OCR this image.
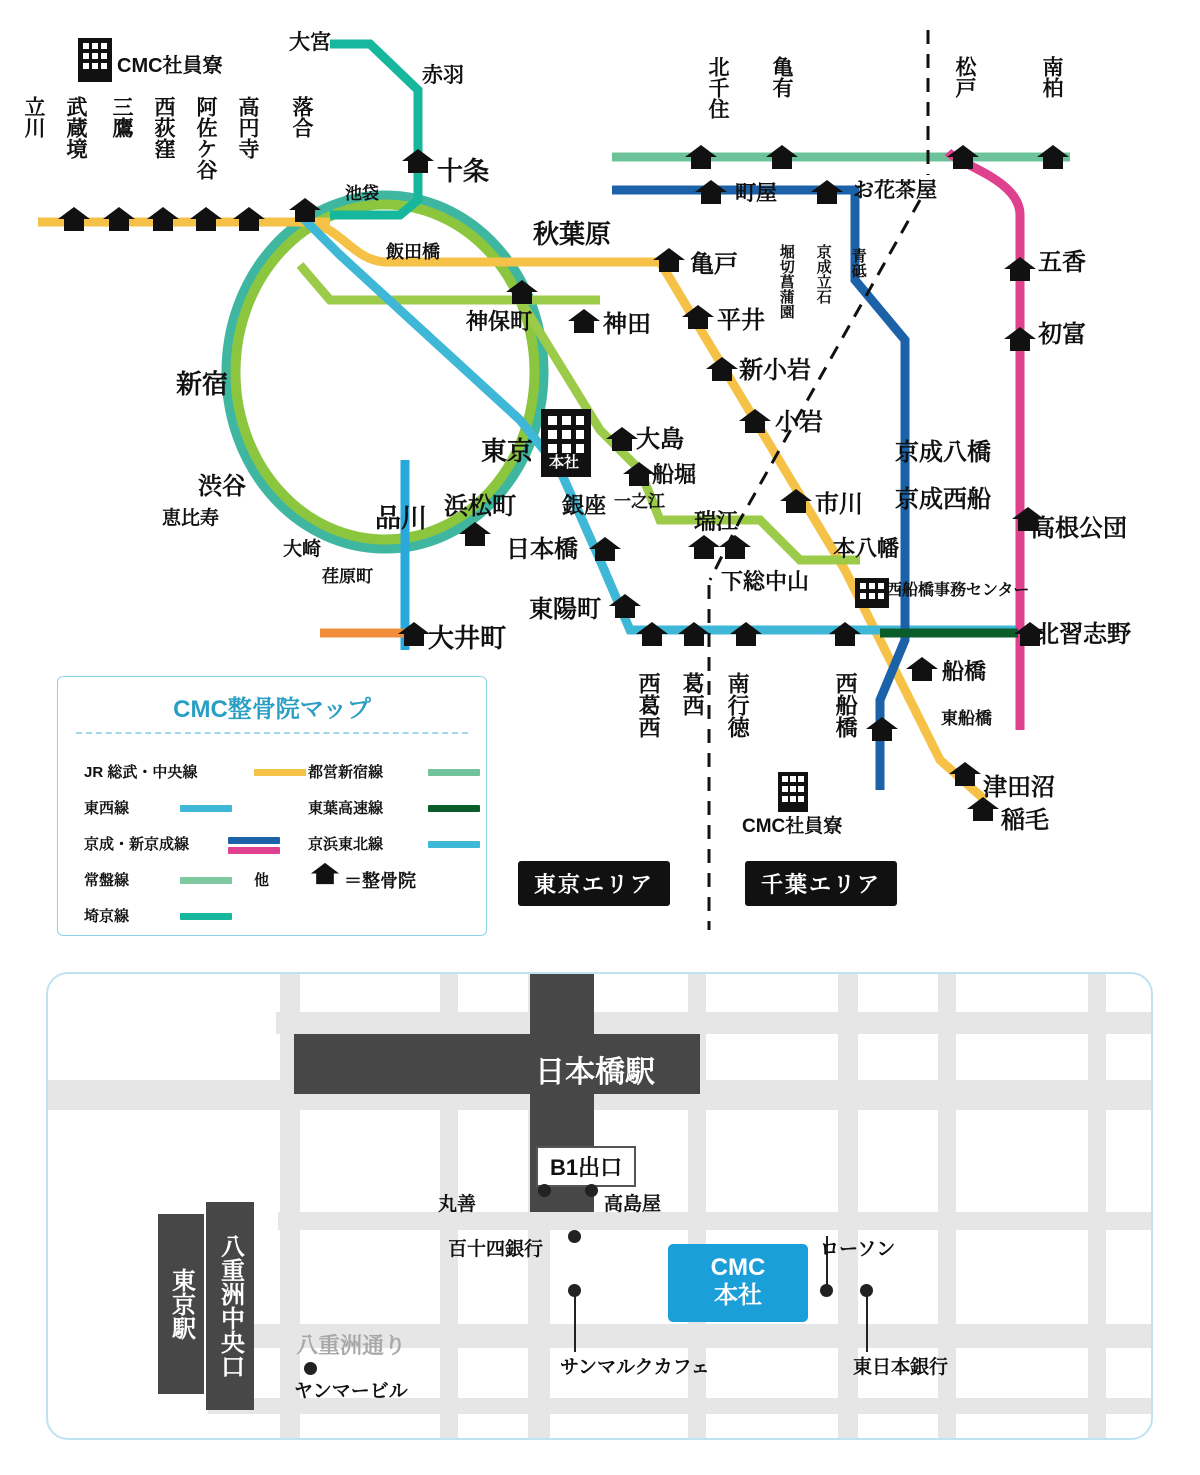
本社
CMC社員寮
CMC社員寮
立川 武蔵境 三鷹 西荻窪 阿佐ケ谷 高円寺 落合
大宮
赤羽
十条
池袋
飯田橋
秋葉原
神保町	神田
新宿
渋谷
恵比寿
大崎
荏原町
品川 浜松町
東京
銀座
日本橋
大井町
東陽町
大島
船堀
一之江
瑞江
亀戸
平井
新小岩
小岩
市川
本八幡
下総中山
北千住 亀有	松戸	南柏
町屋	お花茶屋
堀切菖蒲園 京成立石 青砥	五香
初富
京成八橋
京成西船
高根公団
北習志野
西船橋事務センター
船橋
東船橋
西船橋
南行徳
葛西
西葛西
津田沼
稲毛
東京エリア	千葉エリア
CMC整骨院マップ
JR 総武・中央線	都営新宿線
東西線	東葉高速線
京成・新京成線	京浜東北線
常盤線	他
埼京線
＝整骨院
日本橋駅
B1出口
東京駅 八重洲中央口 八重洲通り
CMC
本社
丸善	高島屋
百十四銀行	ローソン
サンマルクカフェ	東日本銀行
ヤンマービル
